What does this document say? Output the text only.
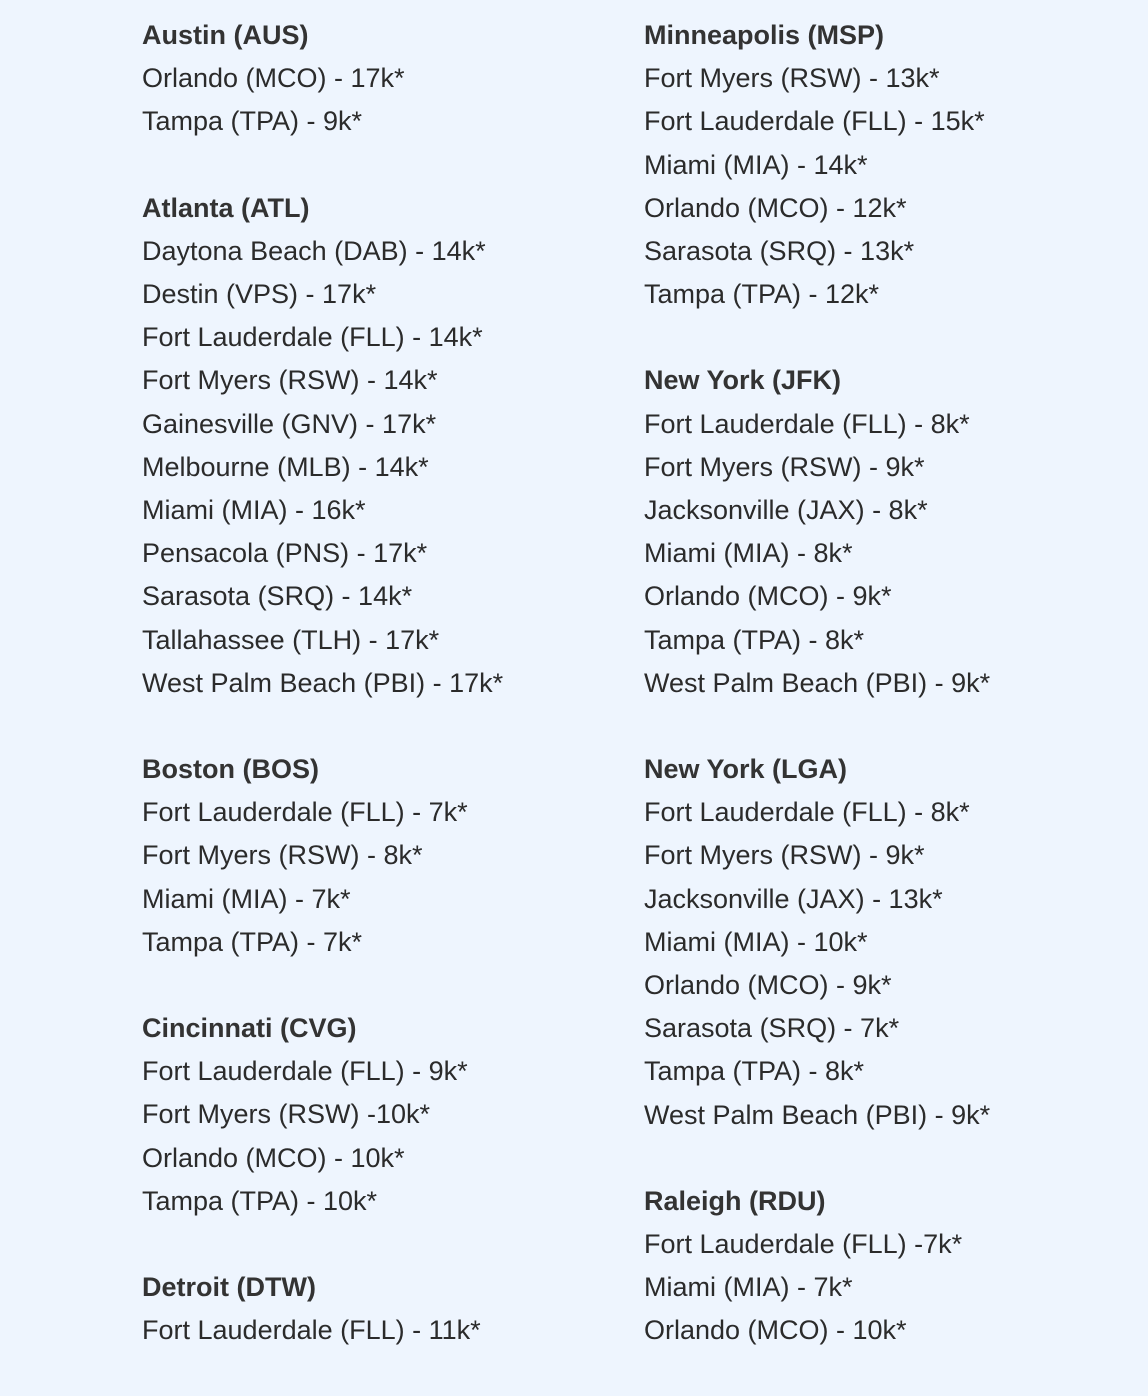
Austin (AUS)
Orlando (MCO) - 17k*
Tampa (TPA) - 9k*
Atlanta (ATL)
Daytona Beach (DAB) - 14k*
Destin (VPS) - 17k*
Fort Lauderdale (FLL) - 14k*
Fort Myers (RSW) - 14k*
Gainesville (GNV) - 17k*
Melbourne (MLB) - 14k*
Miami (MIA) - 16k*
Pensacola (PNS) - 17k*
Sarasota (SRQ) - 14k*
Tallahassee (TLH) - 17k*
West Palm Beach (PBI) - 17k*
Boston (BOS)
Fort Lauderdale (FLL) - 7k*
Fort Myers (RSW) - 8k*
Miami (MIA) - 7k*
Tampa (TPA) - 7k*
Cincinnati (CVG)
Fort Lauderdale (FLL) - 9k*
Fort Myers (RSW) -10k*
Orlando (MCO) - 10k*
Tampa (TPA) - 10k*
Detroit (DTW)
Fort Lauderdale (FLL) - 11k*
Minneapolis (MSP)
Fort Myers (RSW) - 13k*
Fort Lauderdale (FLL) - 15k*
Miami (MIA) - 14k*
Orlando (MCO) - 12k*
Sarasota (SRQ) - 13k*
Tampa (TPA) - 12k*
New York (JFK)
Fort Lauderdale (FLL) - 8k*
Fort Myers (RSW) - 9k*
Jacksonville (JAX) - 8k*
Miami (MIA) - 8k*
Orlando (MCO) - 9k*
Tampa (TPA) - 8k*
West Palm Beach (PBI) - 9k*
New York (LGA)
Fort Lauderdale (FLL) - 8k*
Fort Myers (RSW) - 9k*
Jacksonville (JAX) - 13k*
Miami (MIA) - 10k*
Orlando (MCO) - 9k*
Sarasota (SRQ) - 7k*
Tampa (TPA) - 8k*
West Palm Beach (PBI) - 9k*
Raleigh (RDU)
Fort Lauderdale (FLL) -7k*
Miami (MIA) - 7k*
Orlando (MCO) - 10k*
